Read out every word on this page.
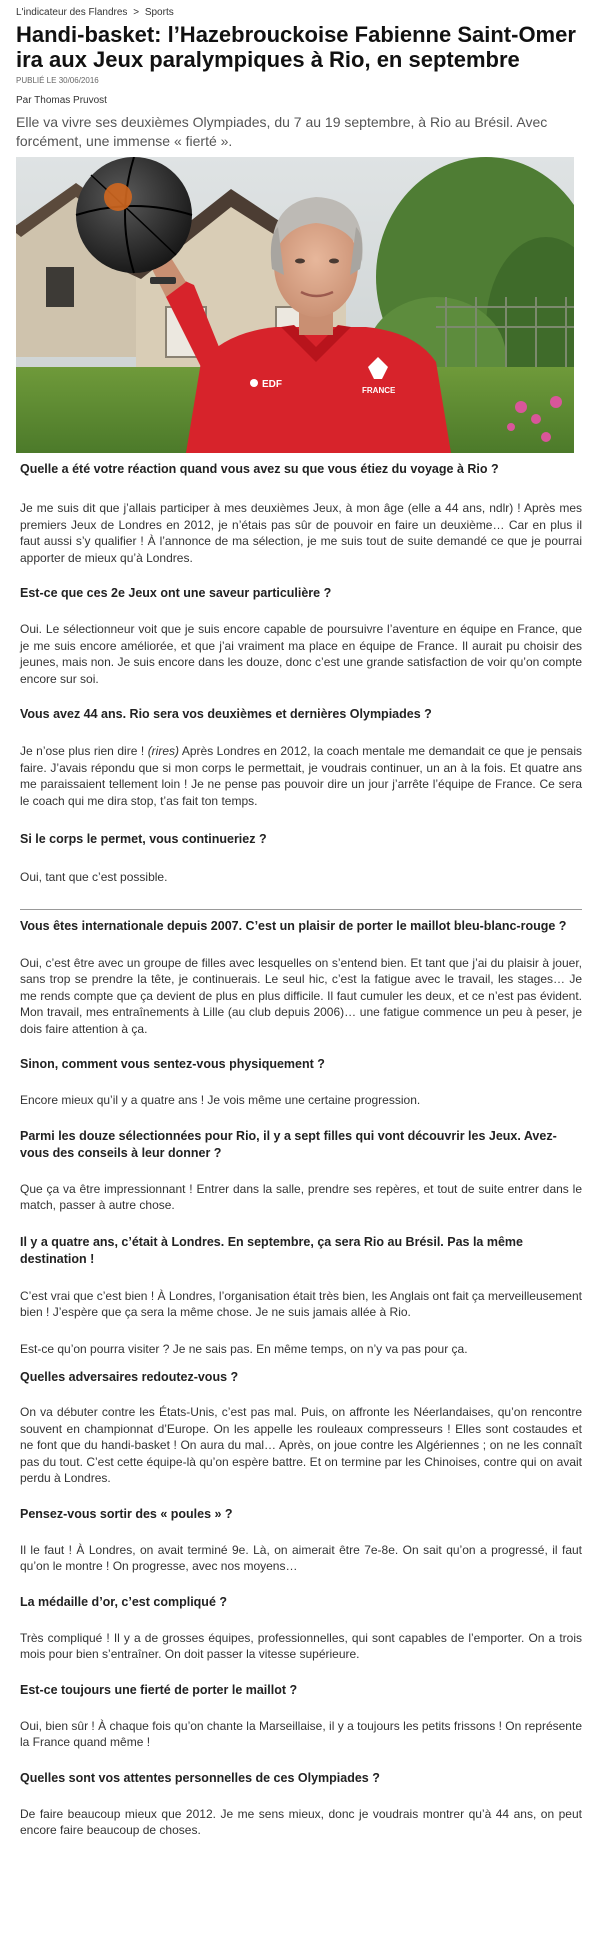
L'indicateur des Flandres > Sports
Handi-basket: l’Hazebrouckoise Fabienne Saint-Omer ira aux Jeux paralympiques à Rio, en septembre
PUBLIÉ LE 30/06/2016
Par Thomas Pruvost

Elle va vivre ses deuxièmes Olympiades, du 7 au 19 septembre, à Rio au Brésil. Avec forcément, une immense « fierté ».

EDF
FRANCE

Quelle a été votre réaction quand vous avez su que vous étiez du voyage à Rio ?

Je me suis dit que j’allais participer à mes deuxièmes Jeux, à mon âge (elle a 44 ans, ndlr) ! Après mes premiers Jeux de Londres en 2012, je n’étais pas sûr de pouvoir en faire un deuxième… Car en plus il faut aussi s’y qualifier ! À l’annonce de ma sélection, je me suis tout de suite demandé ce que je pourrai apporter de mieux qu’à Londres.

Est-ce que ces 2e Jeux ont une saveur particulière ?

Oui. Le sélectionneur voit que je suis encore capable de poursuivre l’aventure en équipe en France, que je me suis encore améliorée, et que j’ai vraiment ma place en équipe de France. Il aurait pu choisir des jeunes, mais non. Je suis encore dans les douze, donc c’est une grande satisfaction de voir qu’on compte encore sur soi.

Vous avez 44 ans. Rio sera vos deuxièmes et dernières Olympiades ?

Je n’ose plus rien dire ! (rires) Après Londres en 2012, la coach mentale me demandait ce que je pensais faire. J’avais répondu que si mon corps le permettait, je voudrais continuer, un an à la fois. Et quatre ans me paraissaient tellement loin ! Je ne pense pas pouvoir dire un jour j’arrête l’équipe de France. Ce sera le coach qui me dira stop, t’as fait ton temps.

Si le corps le permet, vous continueriez ?

Oui, tant que c’est possible.

Vous êtes internationale depuis 2007. C’est un plaisir de porter le maillot bleu-blanc-rouge ?

Oui, c’est être avec un groupe de filles avec lesquelles on s’entend bien. Et tant que j’ai du plaisir à jouer, sans trop se prendre la tête, je continuerais. Le seul hic, c’est la fatigue avec le travail, les stages… Je me rends compte que ça devient de plus en plus difficile. Il faut cumuler les deux, et ce n’est pas évident. Mon travail, mes entraînements à Lille (au club depuis 2006)… une fatigue commence un peu à peser, je dois faire attention à ça.

Sinon, comment vous sentez-vous physiquement ?

Encore mieux qu’il y a quatre ans ! Je vois même une certaine progression.

Parmi les douze sélectionnées pour Rio, il y a sept filles qui vont découvrir les Jeux. Avez-vous des conseils à leur donner ?

Que ça va être impressionnant ! Entrer dans la salle, prendre ses repères, et tout de suite entrer dans le match, passer à autre chose.

Il y a quatre ans, c’était à Londres. En septembre, ça sera Rio au Brésil. Pas la même destination !

C’est vrai que c’est bien ! À Londres, l’organisation était très bien, les Anglais ont fait ça merveilleusement bien ! J’espère que ça sera la même chose. Je ne suis jamais allée à Rio.

Est-ce qu’on pourra visiter ? Je ne sais pas. En même temps, on n’y va pas pour ça.

Quelles adversaires redoutez-vous ?

On va débuter contre les États-Unis, c’est pas mal. Puis, on affronte les Néerlandaises, qu’on rencontre souvent en championnat d’Europe. On les appelle les rouleaux compresseurs ! Elles sont costaudes et ne font que du handi-basket ! On aura du mal… Après, on joue contre les Algériennes ; on ne les connaît pas du tout. C’est cette équipe-là qu’on espère battre. Et on termine par les Chinoises, contre qui on avait perdu à Londres.

Pensez-vous sortir des « poules » ?

Il le faut ! À Londres, on avait terminé 9e. Là, on aimerait être 7e-8e. On sait qu’on a progressé, il faut qu’on le montre ! On progresse, avec nos moyens…

La médaille d’or, c’est compliqué ?

Très compliqué ! Il y a de grosses équipes, professionnelles, qui sont capables de l’emporter. On a trois mois pour bien s’entraîner. On doit passer la vitesse supérieure.

Est-ce toujours une fierté de porter le maillot ?

Oui, bien sûr ! À chaque fois qu’on chante la Marseillaise, il y a toujours les petits frissons ! On représente la France quand même !

Quelles sont vos attentes personnelles de ces Olympiades ?

De faire beaucoup mieux que 2012. Je me sens mieux, donc je voudrais montrer qu’à 44 ans, on peut encore faire beaucoup de choses.
